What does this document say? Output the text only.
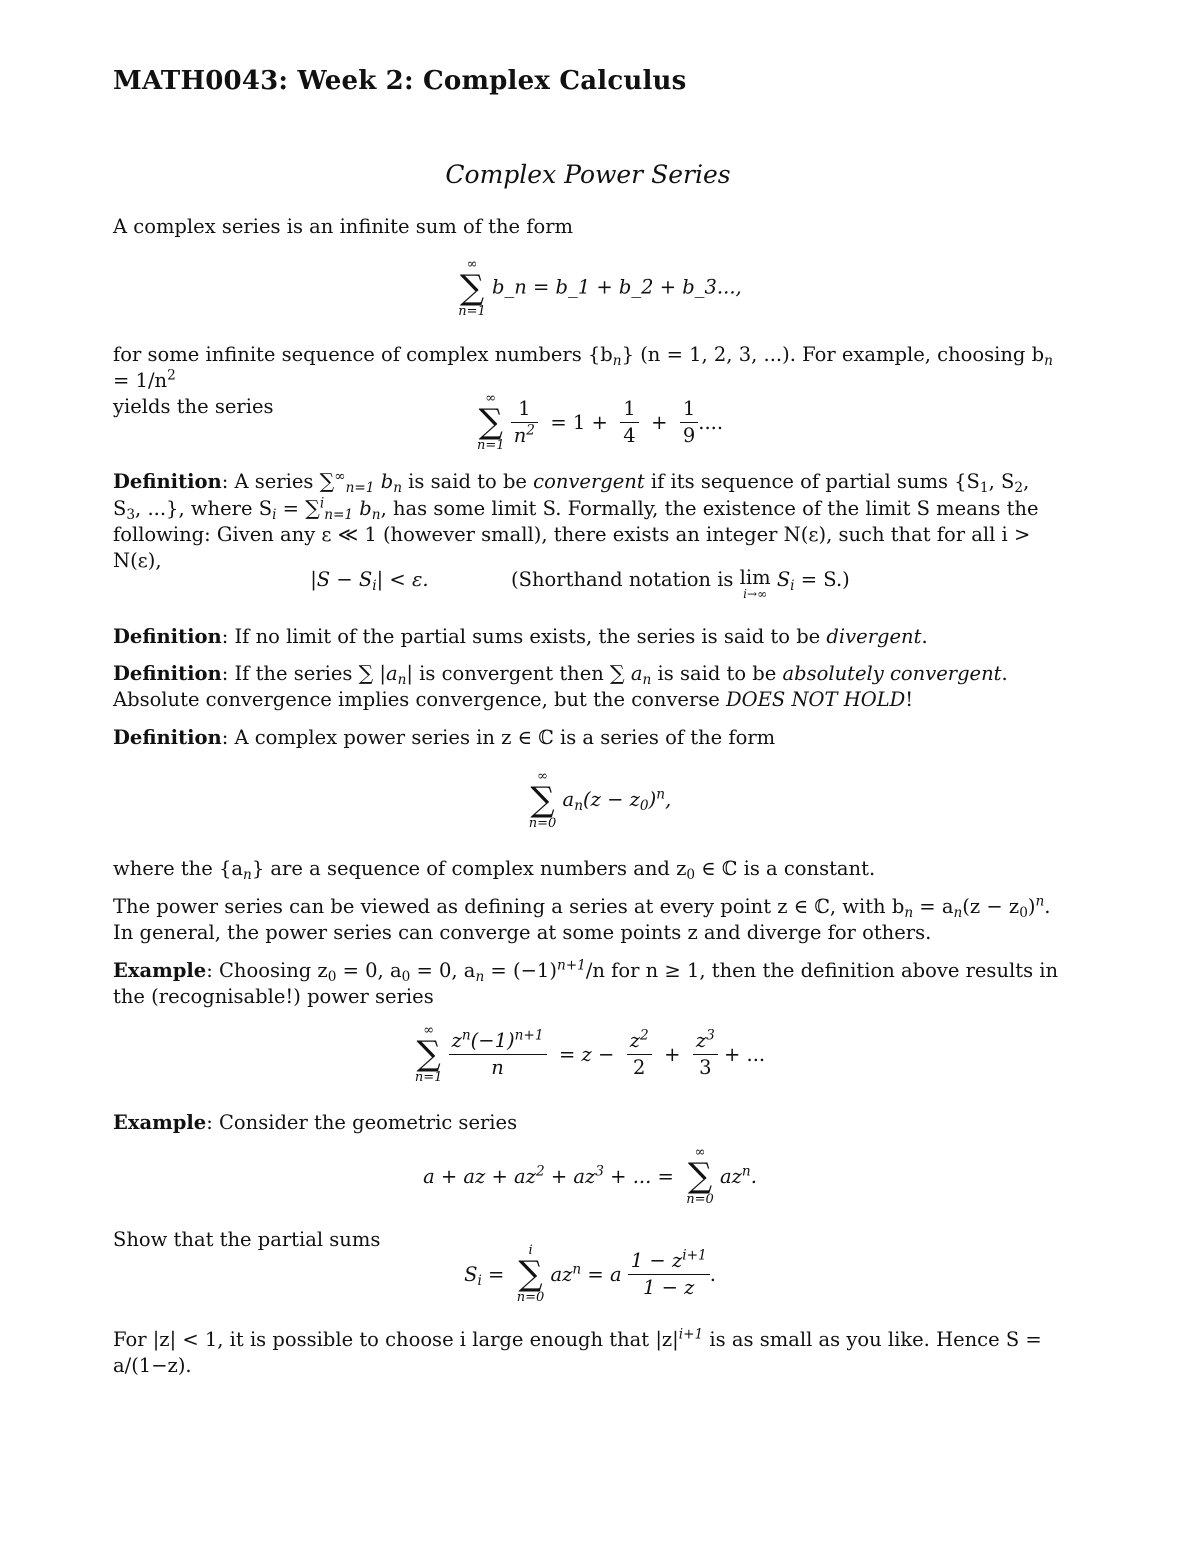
MATH0043: Week 2: Complex Calculus
Complex Power Series

A complex series is an infinite sum of the form

∞
∑
n=1
b_n = b_1 + b_2 + b_3...,

for some infinite sequence of complex numbers $\{b_n\} (n = 1$, 2, 3, ...). For example, choosing $b_n = 1/n^2$
yields the series	∞
∑
n=1
$\frac{1}{n^2} = 1 + \frac{1}{4} + \frac{1}{9}$ ....

Definition: A series $\sum^\infty_{n=1}$ $b_n$ is said to be convergent if its sequence of partial sums {$S_1$, $S_2$, $S_3$, ...}, where $S_i = \sum^i_{n=1}$ $b_n$, has some limit S. Formally, the existence of the limit S means the following: Given any ε ≪ 1 (however small), there exists an integer N(ε), such that for all i > N(ε),

$|S - S_i| < \varepsilon$.	(Shorthand notation is lim
i→∞
$S_i = S$.)

Definition: If no limit of the partial sums exists, the series is said to be divergent.

Definition: If the series ∑ $|a_n|$ is convergent then ∑ $a_n$ is said to be absolutely convergent. Absolute convergence implies convergence, but the converse DOES NOT HOLD!

Definition: A complex power series in z ∈ ℂ is a series of the form

∞
∑
n=0
$a_n(z - z_0)^n$,

where the $\{a_n\}$ are a sequence of complex numbers and $z_0$ ∈ ℂ is a constant.

The power series can be viewed as defining a series at every point z ∈ ℂ, with $b_n = a_n(z - z_0)^n$. In general, the power series can converge at some points z and diverge for others.

Example: Choosing $z_0 = 0$, $a_0 = 0$, $a_n = (-1)^{n+1}/n$ for n ≥ 1, then the definition above results in the (recognisable!) power series

∞
∑
n=1
$\frac{z^n(-1)^{n+1}}{n} = z - \frac{z^2}{2} + \frac{z^3}{3}$ + ...

Example: Consider the geometric series

a + az + $az^2 + az^3$ + ... =
∞
∑
n=0
$az^n$.

Show that the partial sums

$S_i$ =
i
∑
n=0
$az^n = a \frac{1 - z^{i+1}}{1 - z}$ .

For |z| < 1, it is possible to choose i large enough that $|z|^{i+1}$ is as small as you like. Hence S = a/(1−z).
